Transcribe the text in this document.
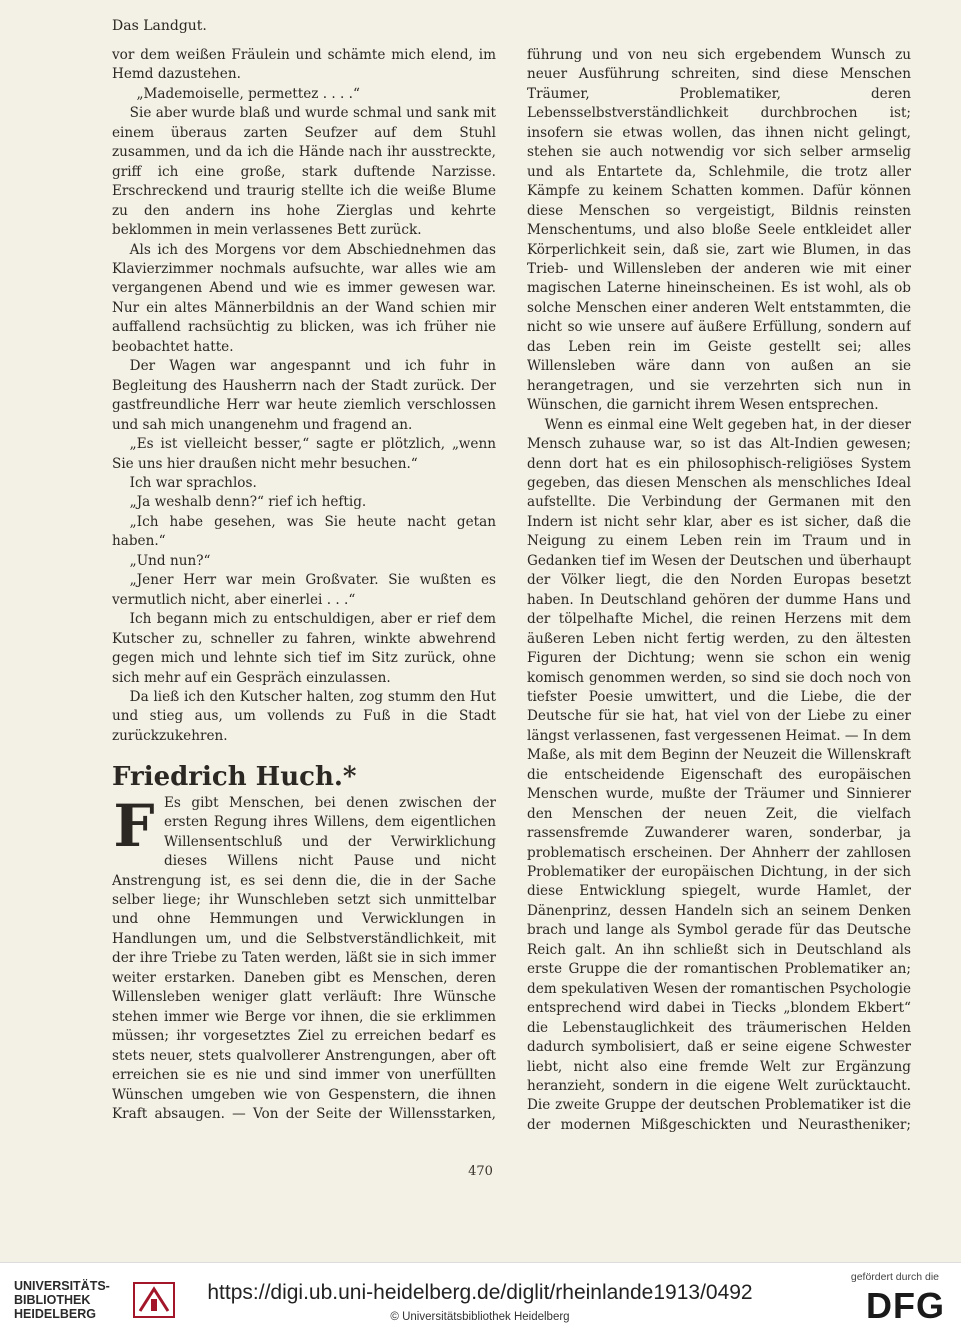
Das Landgut.

vor dem weißen Fräulein und schämte mich elend, im Hemd dazustehen.

„Mademoiselle, permettez . . . .“

Sie aber wurde blaß und wurde schmal und sank mit einem überaus zarten Seufzer auf dem Stuhl zusammen, und da ich die Hände nach ihr ausstreckte, griff ich eine große, stark duftende Narzisse. Erschreckend und traurig stellte ich die weiße Blume zu den andern ins hohe Zierglas und kehrte beklommen in mein verlassenes Bett zurück.

Als ich des Morgens vor dem Abschiednehmen das Klavierzimmer nochmals aufsuchte, war alles wie am vergangenen Abend und wie es immer gewesen war. Nur ein altes Männerbildnis an der Wand schien mir auffallend rachsüchtig zu blicken, was ich früher nie beobachtet hatte.

Der Wagen war angespannt und ich fuhr in Begleitung des Hausherrn nach der Stadt zurück. Der gastfreundliche Herr war heute ziemlich verschlossen und sah mich unangenehm und fragend an.

„Es ist vielleicht besser,“ sagte er plötzlich, „wenn Sie uns hier draußen nicht mehr besuchen.“

Ich war sprachlos.

„Ja weshalb denn?“ rief ich heftig.

„Ich habe gesehen, was Sie heute nacht getan haben.“

„Und nun?“

„Jener Herr war mein Großvater. Sie wußten es vermutlich nicht, aber einerlei . . .“

Ich begann mich zu entschuldigen, aber er rief dem Kutscher zu, schneller zu fahren, winkte abwehrend gegen mich und lehnte sich tief im Sitz zurück, ohne sich mehr auf ein Gespräch einzulassen.

Da ließ ich den Kutscher halten, zog stumm den Hut und stieg aus, um vollends zu Fuß in die Stadt zurückzukehren.

Friedrich Huch.*

F Es gibt Menschen, bei denen zwischen der ersten Regung ihres Willens, dem eigentlichen Willensentschluß und der Verwirklichung dieses Willens nicht Pause und nicht Anstrengung ist, es sei denn die, die in der Sache selber liege; ihr Wunschleben setzt sich unmittelbar und ohne Hemmungen und Verwicklungen in Handlungen um, und die Selbstverständlichkeit, mit der ihre Triebe zu Taten werden, läßt sie in sich immer weiter erstarken. Daneben gibt es Menschen, deren Willensleben weniger glatt verläuft: Ihre Wünsche stehen immer wie Berge vor ihnen, die sie erklimmen müssen; ihr vorgesetztes Ziel zu erreichen bedarf es stets neuer, stets qualvollerer Anstrengungen, aber oft erreichen sie es nie und sind immer von unerfüllten Wünschen umgeben wie von Gespenstern, die ihnen Kraft absaugen. — Von der Seite der Willensstarken,

führung und von neu sich ergebendem Wunsch zu neuer Ausführung schreiten, sind diese Menschen Träumer, Problematiker, deren Lebensselbstverständlichkeit durchbrochen ist; insofern sie etwas wollen, das ihnen nicht gelingt, stehen sie auch notwendig vor sich selber armselig und als Entartete da, Schlehmile, die trotz aller Kämpfe zu keinem Schatten kommen. Dafür können diese Menschen so vergeistigt, Bildnis reinsten Menschentums, und also bloße Seele entkleidet aller Körperlichkeit sein, daß sie, zart wie Blumen, in das Trieb- und Willensleben der anderen wie mit einer magischen Laterne hineinscheinen. Es ist wohl, als ob solche Menschen einer anderen Welt entstammten, die nicht so wie unsere auf äußere Erfüllung, sondern auf das Leben rein im Geiste gestellt sei; alles Willensleben wäre dann von außen an sie herangetragen, und sie verzehrten sich nun in Wünschen, die garnicht ihrem Wesen entsprechen.

Wenn es einmal eine Welt gegeben hat, in der dieser Mensch zuhause war, so ist das Alt-Indien gewesen; denn dort hat es ein philosophisch-religiöses System gegeben, das diesen Menschen als menschliches Ideal aufstellte. Die Verbindung der Germanen mit den Indern ist nicht sehr klar, aber es ist sicher, daß die Neigung zu einem Leben rein im Traum und in Gedanken tief im Wesen der Deutschen und überhaupt der Völker liegt, die den Norden Europas besetzt haben. In Deutschland gehören der dumme Hans und der tölpelhafte Michel, die reinen Herzens mit dem äußeren Leben nicht fertig werden, zu den ältesten Figuren der Dichtung; wenn sie schon ein wenig komisch genommen werden, so sind sie doch noch von tiefster Poesie umwittert, und die Liebe, die der Deutsche für sie hat, hat viel von der Liebe zu einer längst verlassenen, fast vergessenen Heimat. — In dem Maße, als mit dem Beginn der Neuzeit die Willenskraft die entscheidende Eigenschaft des europäischen Menschen wurde, mußte der Träumer und Sinnierer den Menschen der neuen Zeit, die vielfach rassensfremde Zuwanderer waren, sonderbar, ja problematisch erscheinen. Der Ahnherr der zahllosen Problematiker der europäischen Dichtung, in der sich diese Entwicklung spiegelt, wurde Hamlet, der Dänenprinz, dessen Handeln sich an seinem Denken brach und lange als Symbol gerade für das Deutsche Reich galt. An ihn schließt sich in Deutschland als erste Gruppe die der romantischen Problematiker an; dem spekulativen Wesen der romantischen Psychologie entsprechend wird dabei in Tiecks „blondem Ekbert“ die Lebenstauglichkeit des träumerischen Helden dadurch symbolisiert, daß er seine eigene Schwester liebt, nicht also eine fremde Welt zur Ergänzung heranzieht, sondern in die eigene Welt zurücktaucht. Die zweite Gruppe der deutschen Problematiker ist die der modernen Mißgeschickten und Neurastheniker;

470
UNIVERSITÄTS-
BIBLIOTHEK
HEIDELBERG
https://digi.ub.uni-heidelberg.de/diglit/rheinlande1913/0492
© Universitätsbibliothek Heidelberg
gefördert durch die
DFG
